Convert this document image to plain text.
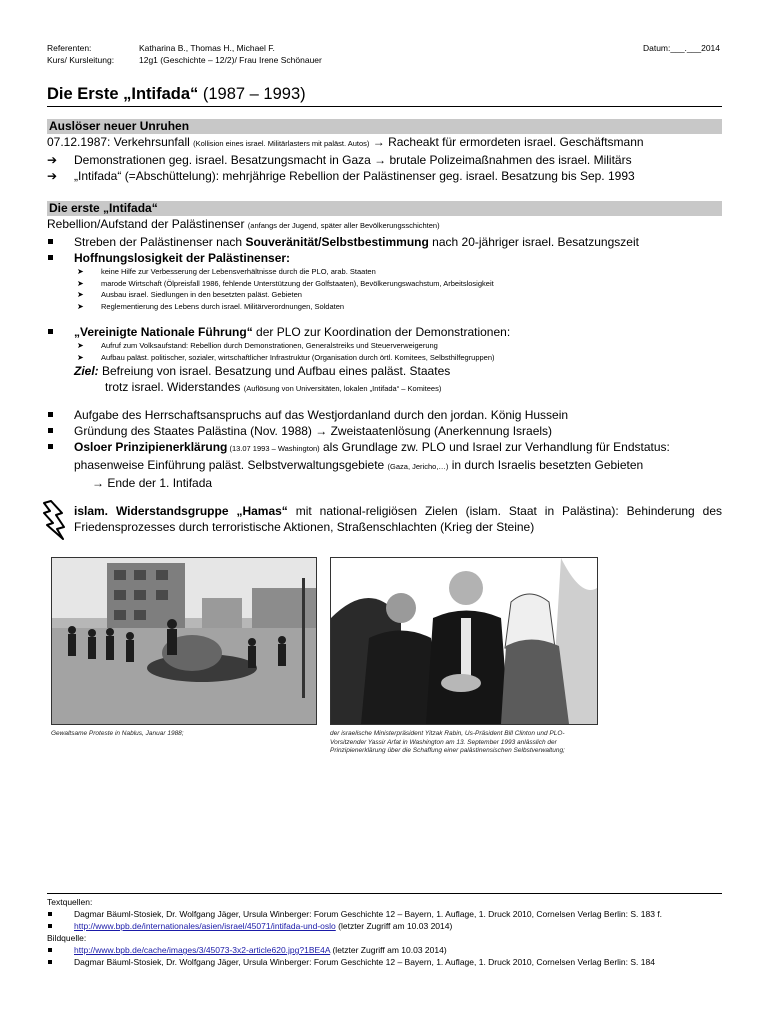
Referenten:	Katharina B., Thomas H., Michael F.	Datum:___.___2014
Kurs/ Kursleitung:	12g1 (Geschichte – 12/2)/ Frau Irene Schönauer
Die Erste „Intifada“ (1987 – 1993)
Auslöser neuer Unruhen
07.12.1987: Verkehrsunfall (Kollision eines israel. Militärlasters mit paläst. Autos) → Racheakt für ermordeten israel. Geschäftsmann
➔ Demonstrationen geg. israel. Besatzungsmacht in Gaza → brutale Polizeimaßnahmen des israel. Militärs
➔ „Intifada“ (=Abschüttelung): mehrjährige Rebellion der Palästinenser geg. israel. Besatzung bis Sep. 1993
Die erste „Intifada“
Rebellion/Aufstand der Palästinenser (anfangs der Jugend, später aller Bevölkerungsschichten)
Streben der Palästinenser nach Souveränität/Selbstbestimmung nach 20-jähriger israel. Besatzungszeit
Hoffnungslosigkeit der Palästinenser:
➤ keine Hilfe zur Verbesserung der Lebensverhältnisse durch die PLO, arab. Staaten
➤ marode Wirtschaft (Ölpreisfall 1986, fehlende Unterstützung der Golfstaaten), Bevölkerungswachstum, Arbeitslosigkeit
➤ Ausbau israel. Siedlungen in den besetzten paläst. Gebieten
➤ Reglementierung des Lebens durch israel. Militärverordnungen, Soldaten
„Vereinigte Nationale Führung“ der PLO zur Koordination der Demonstrationen:
➤ Aufruf zum Volksaufstand: Rebellion durch Demonstrationen, Generalstreiks und Steuerverweigerung
➤ Aufbau paläst. politischer, sozialer, wirtschaftlicher Infrastruktur (Organisation durch örtl. Komitees, Selbsthilfegruppen)
Ziel: Befreiung von israel. Besatzung und Aufbau eines paläst. Staates
trotz israel. Widerstandes (Auflösung von Universitäten, lokalen „Intifada“ – Komitees)
Aufgabe des Herrschaftsanspruchs auf das Westjordanland durch den jordan. König Hussein
Gründung des Staates Palästina (Nov. 1988) → Zweistaatenlösung (Anerkennung Israels)
Osloer Prinzipienerklärung (13.07 1993 – Washington) als Grundlage zw. PLO und Israel zur Verhandlung für Endstatus:
phasenweise Einführung paläst. Selbstverwaltungsgebiete (Gaza, Jericho,…) in durch Israelis besetzten Gebieten
→ Ende der 1. Intifada
islam. Widerstandsgruppe „Hamas“ mit national-religiösen Zielen (islam. Staat in Palästina): Behinderung des Friedensprozesses durch terroristische Aktionen, Straßenschlachten (Krieg der Steine)
Gewaltsame Proteste in Nablus, Januar 1988;	der israelische Ministerpräsident Yitzak Rabin, Us-Präsident Bill Clinton und PLO-Vorsitzender Yassir Arfat in Washington am 13. September 1993 anlässlich der Prinzipienerklärung über die Schaffung einer palästinensischen Selbstverwaltung;
Textquellen:
Dagmar Bäuml-Stosiek, Dr. Wolfgang Jäger, Ursula Winberger: Forum Geschichte 12 – Bayern, 1. Auflage, 1. Druck 2010, Cornelsen Verlag Berlin: S. 183 f.
http://www.bpb.de/internationales/asien/israel/45071/intifada-und-oslo (letzter Zugriff am 10.03 2014)
Bildquelle:
http://www.bpb.de/cache/images/3/45073-3x2-article620.jpg?1BE4A (letzter Zugriff am 10.03 2014)
Dagmar Bäuml-Stosiek, Dr. Wolfgang Jäger, Ursula Winberger: Forum Geschichte 12 – Bayern, 1. Auflage, 1. Druck 2010, Cornelsen Verlag Berlin: S. 184
